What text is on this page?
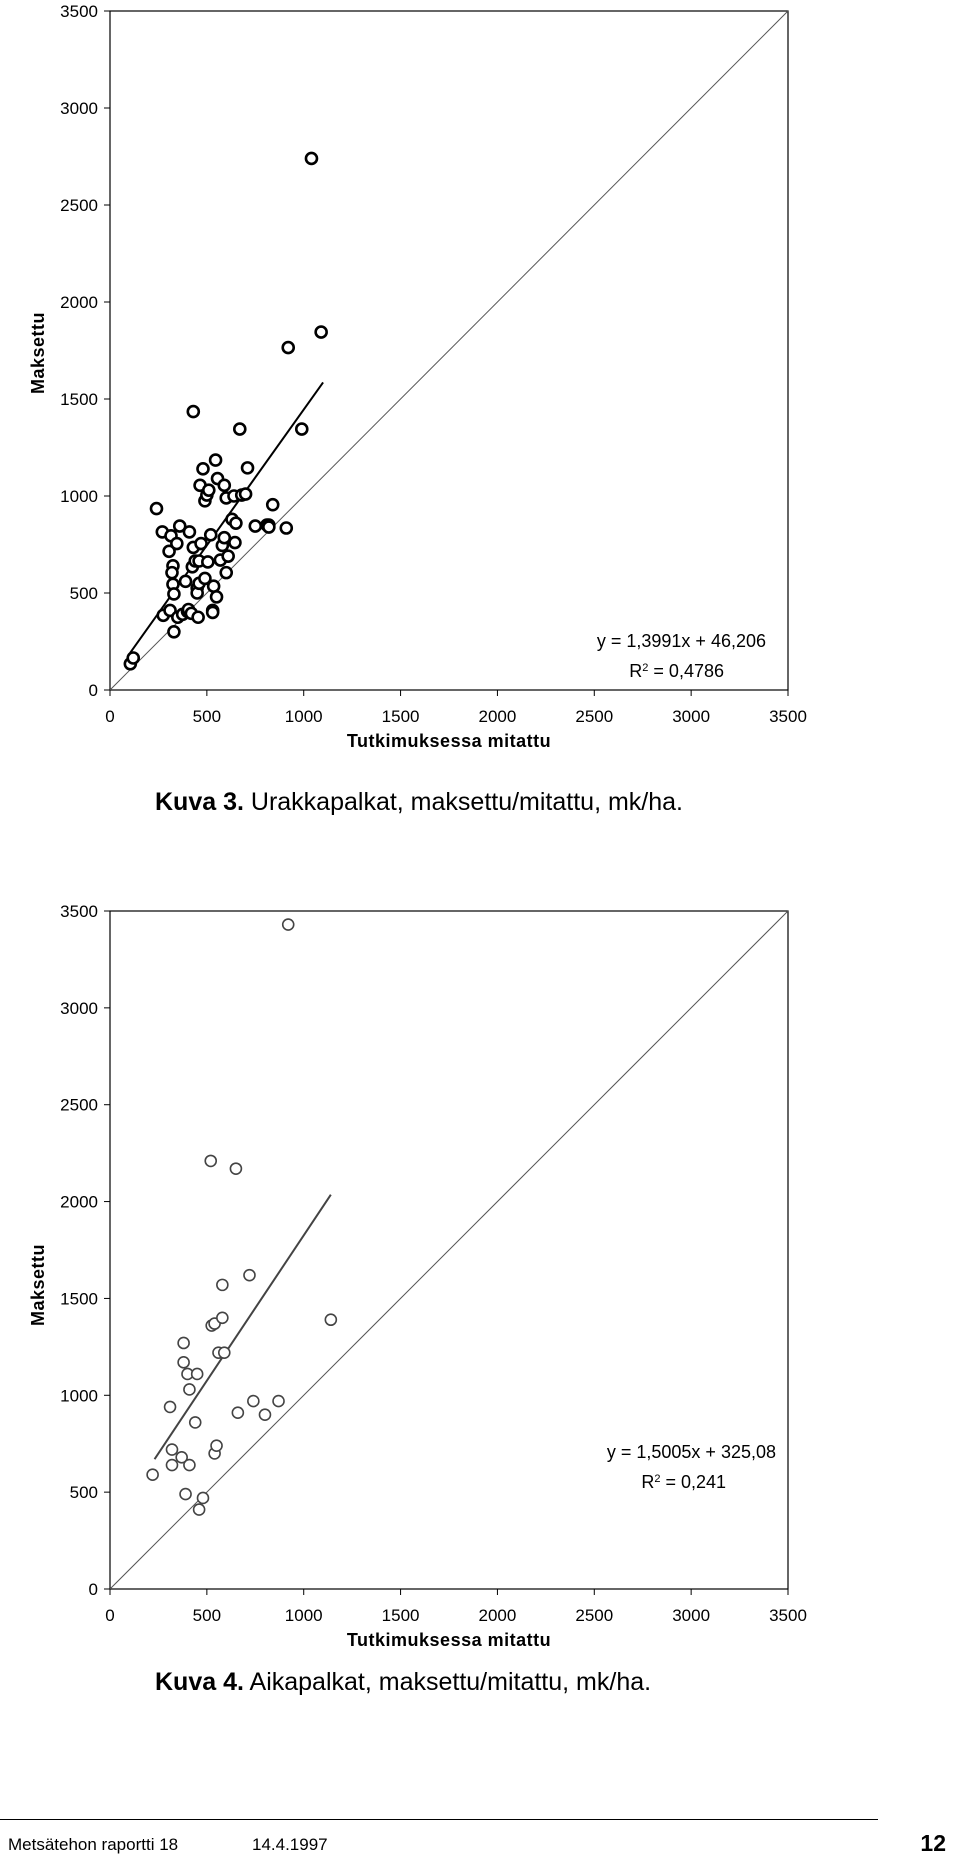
0
500
1000
1500
2000
2500
3000
3500
0	500	1000	1500	2000	2500	3000	3500
Tutkimuksessa mitattu
Maksettu
y = 1,3991x + 46,206
$R^2 = 0,4786$
Kuva 3. Urakkapalkat, maksettu/mitattu, mk/ha.
0
500
1000
1500
2000
2500
3000
3500
0	500	1000	1500	2000	2500	3000	3500
Tutkimuksessa mitattu
Maksettu
y = 1,5005x + 325,08
$R^2 = 0,241$
Kuva 4. Aikapalkat, maksettu/mitattu, mk/ha.
Metsätehon raportti 18	14.4.1997	12
